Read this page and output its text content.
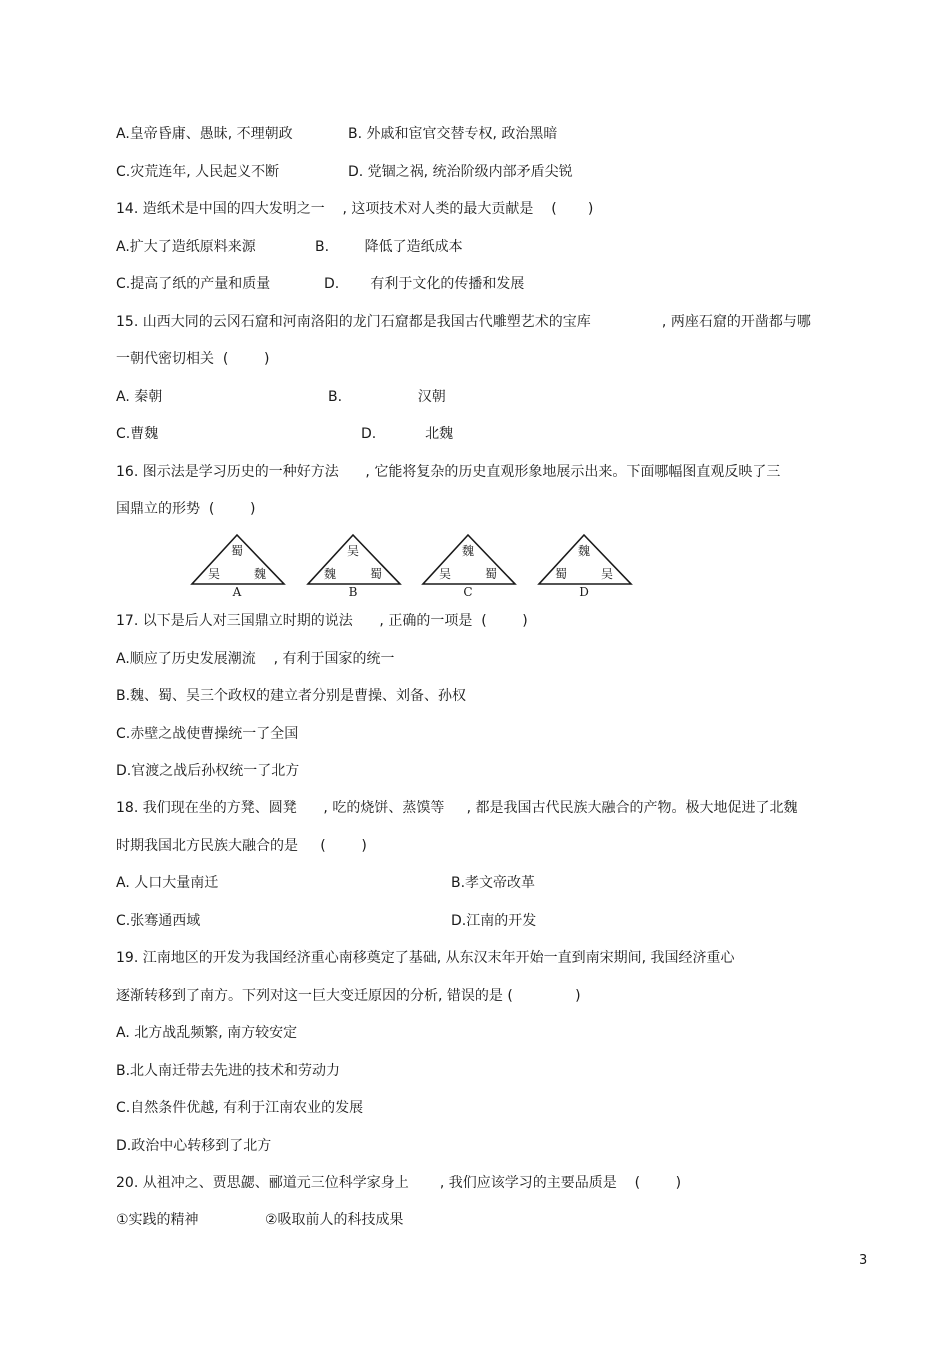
A.皇帝昏庸、愚昧, 不理朝政	B. 外戚和宦官交替专权, 政治黑暗
C.灾荒连年, 人民起义不断	D. 党锢之祸, 统治阶级内部矛盾尖锐
14. 造纸术是中国的四大发明之一    , 这项技术对人类的最大贡献是    (       )
A.扩大了造纸原料来源	B.        降低了造纸成本
C.提高了纸的产量和质量	D.       有利于文化的传播和发展
15. 山西大同的云冈石窟和河南洛阳的龙门石窟都是我国古代雕塑艺术的宝库                , 两座石窟的开凿都与哪
一朝代密切相关  (        )
A. 秦朝	B.                 汉朝
C.曹魏	D.           北魏
16. 图示法是学习历史的一种好方法      , 它能将复杂的历史直观形象地展示出来。下面哪幅图直观反映了三
国鼎立的形势  (        )
蜀
吴	魏
A
吴
魏	蜀
B
魏
吴	蜀
C
魏
蜀	吴
D
17. 以下是后人对三国鼎立时期的说法      , 正确的一项是  (        )
A.顺应了历史发展潮流    , 有利于国家的统一
B.魏、蜀、吴三个政权的建立者分别是曹操、刘备、孙权
C.赤壁之战使曹操统一了全国
D.官渡之战后孙权统一了北方
18. 我们现在坐的方凳、圆凳      , 吃的烧饼、蒸馍等     , 都是我国古代民族大融合的产物。极大地促进了北魏
时期我国北方民族大融合的是     (        )
A. 人口大量南迁	B.孝文帝改革
C.张骞通西域	D.江南的开发
19. 江南地区的开发为我国经济重心南移奠定了基础, 从东汉末年开始一直到南宋期间, 我国经济重心
逐渐转移到了南方。下列对这一巨大变迁原因的分析, 错误的是 (              )
A. 北方战乱频繁, 南方较安定
B.北人南迁带去先进的技术和劳动力
C.自然条件优越, 有利于江南农业的发展
D.政治中心转移到了北方
20. 从祖冲之、贾思勰、郦道元三位科学家身上       , 我们应该学习的主要品质是    (        )
①实践的精神	②吸取前人的科技成果
3
